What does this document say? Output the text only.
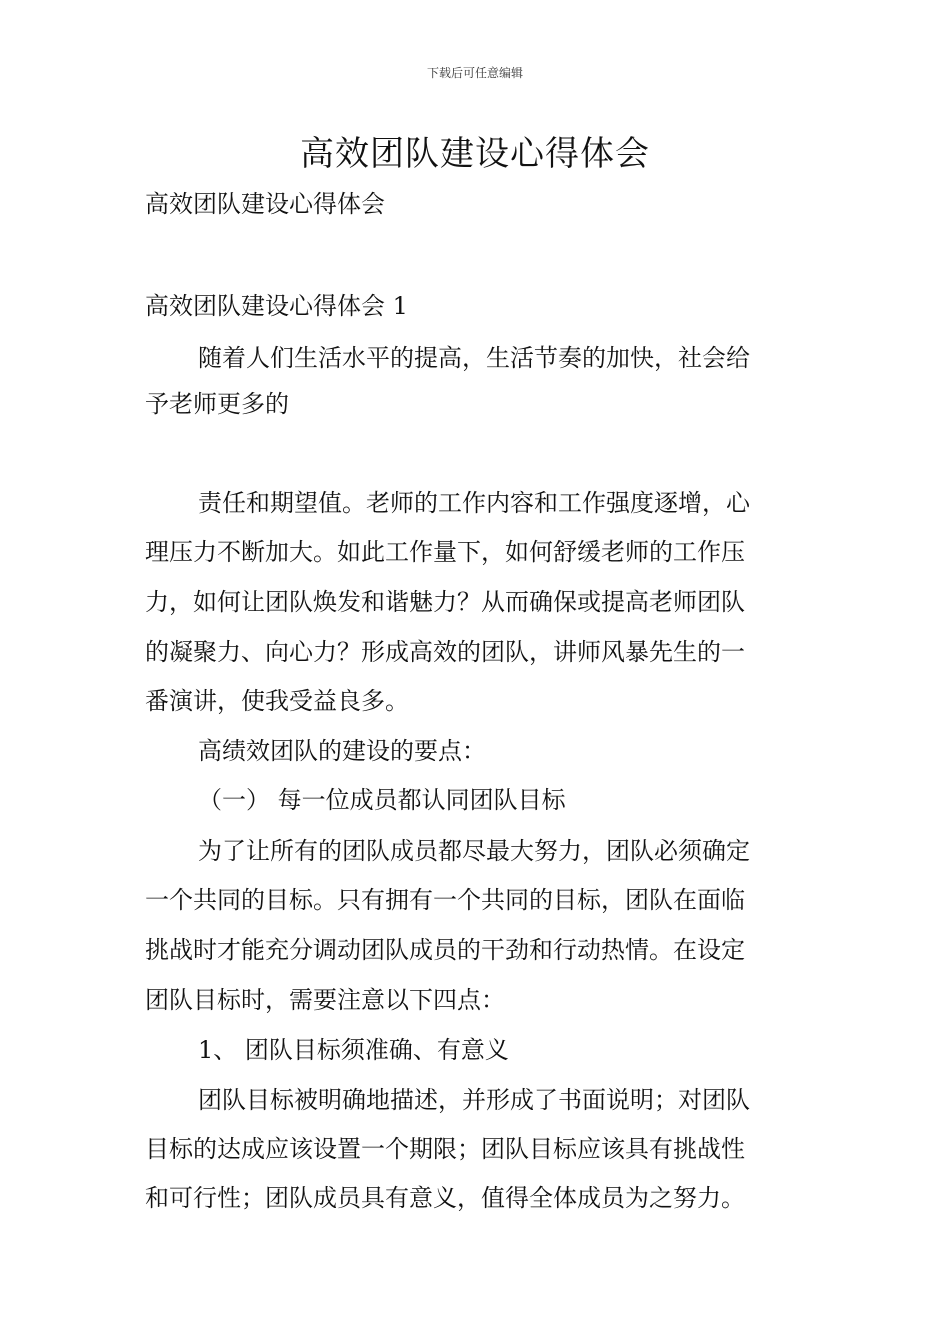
下载后可任意编辑
高效团队建设心得体会
高效团队建设心得体会
高效团队建设心得体会 1
随着人们生活水平的提高，生活节奏的加快，社会给
予老师更多的
责任和期望值。老师的工作内容和工作强度逐增，心
理压力不断加大。如此工作量下，如何舒缓老师的工作压
力，如何让团队焕发和谐魅力？从而确保或提高老师团队
的凝聚力、向心力？形成高效的团队，讲师风暴先生的一
番演讲，使我受益良多。
高绩效团队的建设的要点：
（一） 每一位成员都认同团队目标
为了让所有的团队成员都尽最大努力，团队必须确定
一个共同的目标。只有拥有一个共同的目标，团队在面临
挑战时才能充分调动团队成员的干劲和行动热情。在设定
团队目标时，需要注意以下四点：
1、 团队目标须准确、有意义
团队目标被明确地描述，并形成了书面说明；对团队
目标的达成应该设置一个期限；团队目标应该具有挑战性
和可行性；团队成员具有意义，值得全体成员为之努力。
